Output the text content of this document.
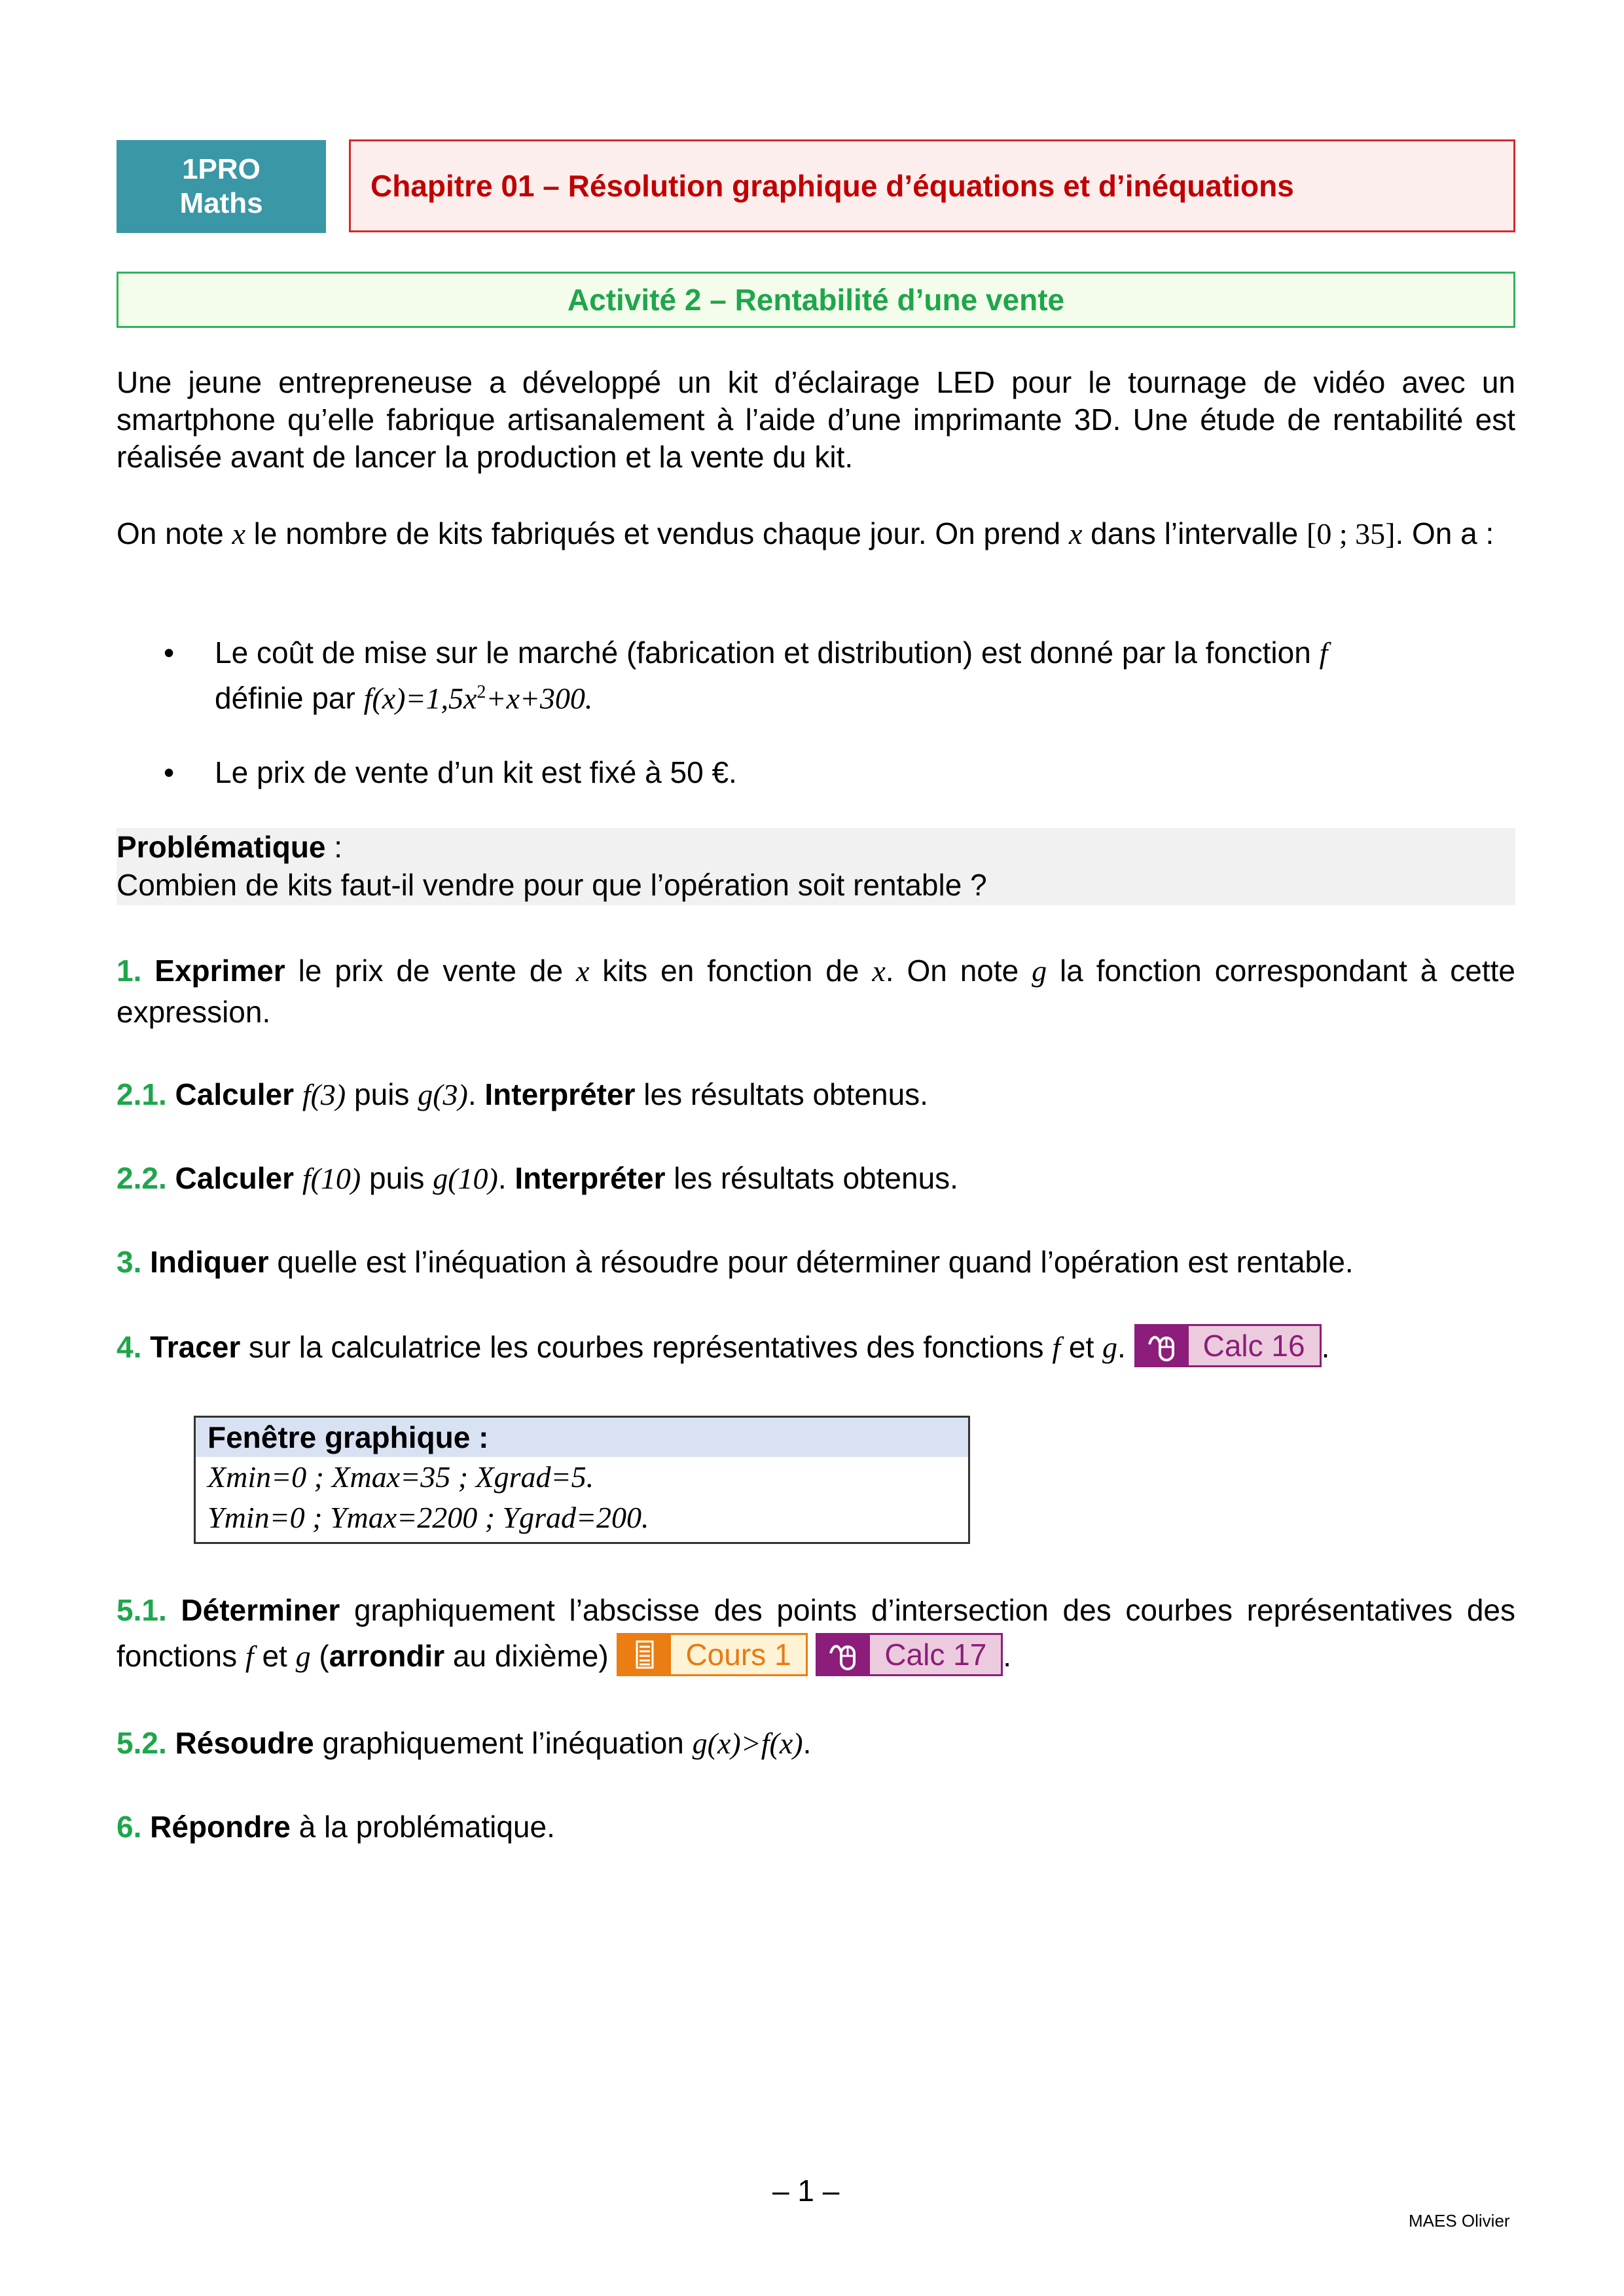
1PRO
Maths
Chapitre 01 – Résolution graphique d’équations et d’inéquations
Activité 2 – Rentabilité d’une vente
Une jeune entrepreneuse a développé un kit d’éclairage LED pour le tournage de vidéo avec un smartphone qu’elle fabrique artisanalement à l’aide d’une imprimante 3D. Une étude de rentabilité est réalisée avant de lancer la production et la vente du kit.
On note x le nombre de kits fabriqués et vendus chaque jour. On prend x dans l’intervalle [0 ; 35]. On a :
•	Le coût de mise sur le marché (fabrication et distribution) est donné par la fonction f
définie par $f(x)=1,5x^2+x+300$.
•	Le prix de vente d’un kit est fixé à 50 €.
Problématique :
Combien de kits faut-il vendre pour que l’opération soit rentable ?
1. Exprimer le prix de vente de x kits en fonction de x. On note g la fonction correspondant à cette expression.
2.1. Calculer f(3) puis g(3). Interpréter les résultats obtenus.
2.2. Calculer f(10) puis g(10). Interpréter les résultats obtenus.
3. Indiquer quelle est l’inéquation à résoudre pour déterminer quand l’opération est rentable.
4. Tracer sur la calculatrice les courbes représentatives des fonctions f et g.	Calc 16 .
Fenêtre graphique :
Xmin=0 ; Xmax=35 ; Xgrad=5.
Ymin=0 ; Ymax=2200 ; Ygrad=200.
5.1. Déterminer graphiquement l’abscisse des points d’intersection des courbes représentatives des fonctions f et g (arrondir au dixième)	Cours 1
	Calc 17 .
5.2. Résoudre graphiquement l’inéquation g(x)>f(x).
6. Répondre à la problématique.
– 1 –
MAES Olivier
